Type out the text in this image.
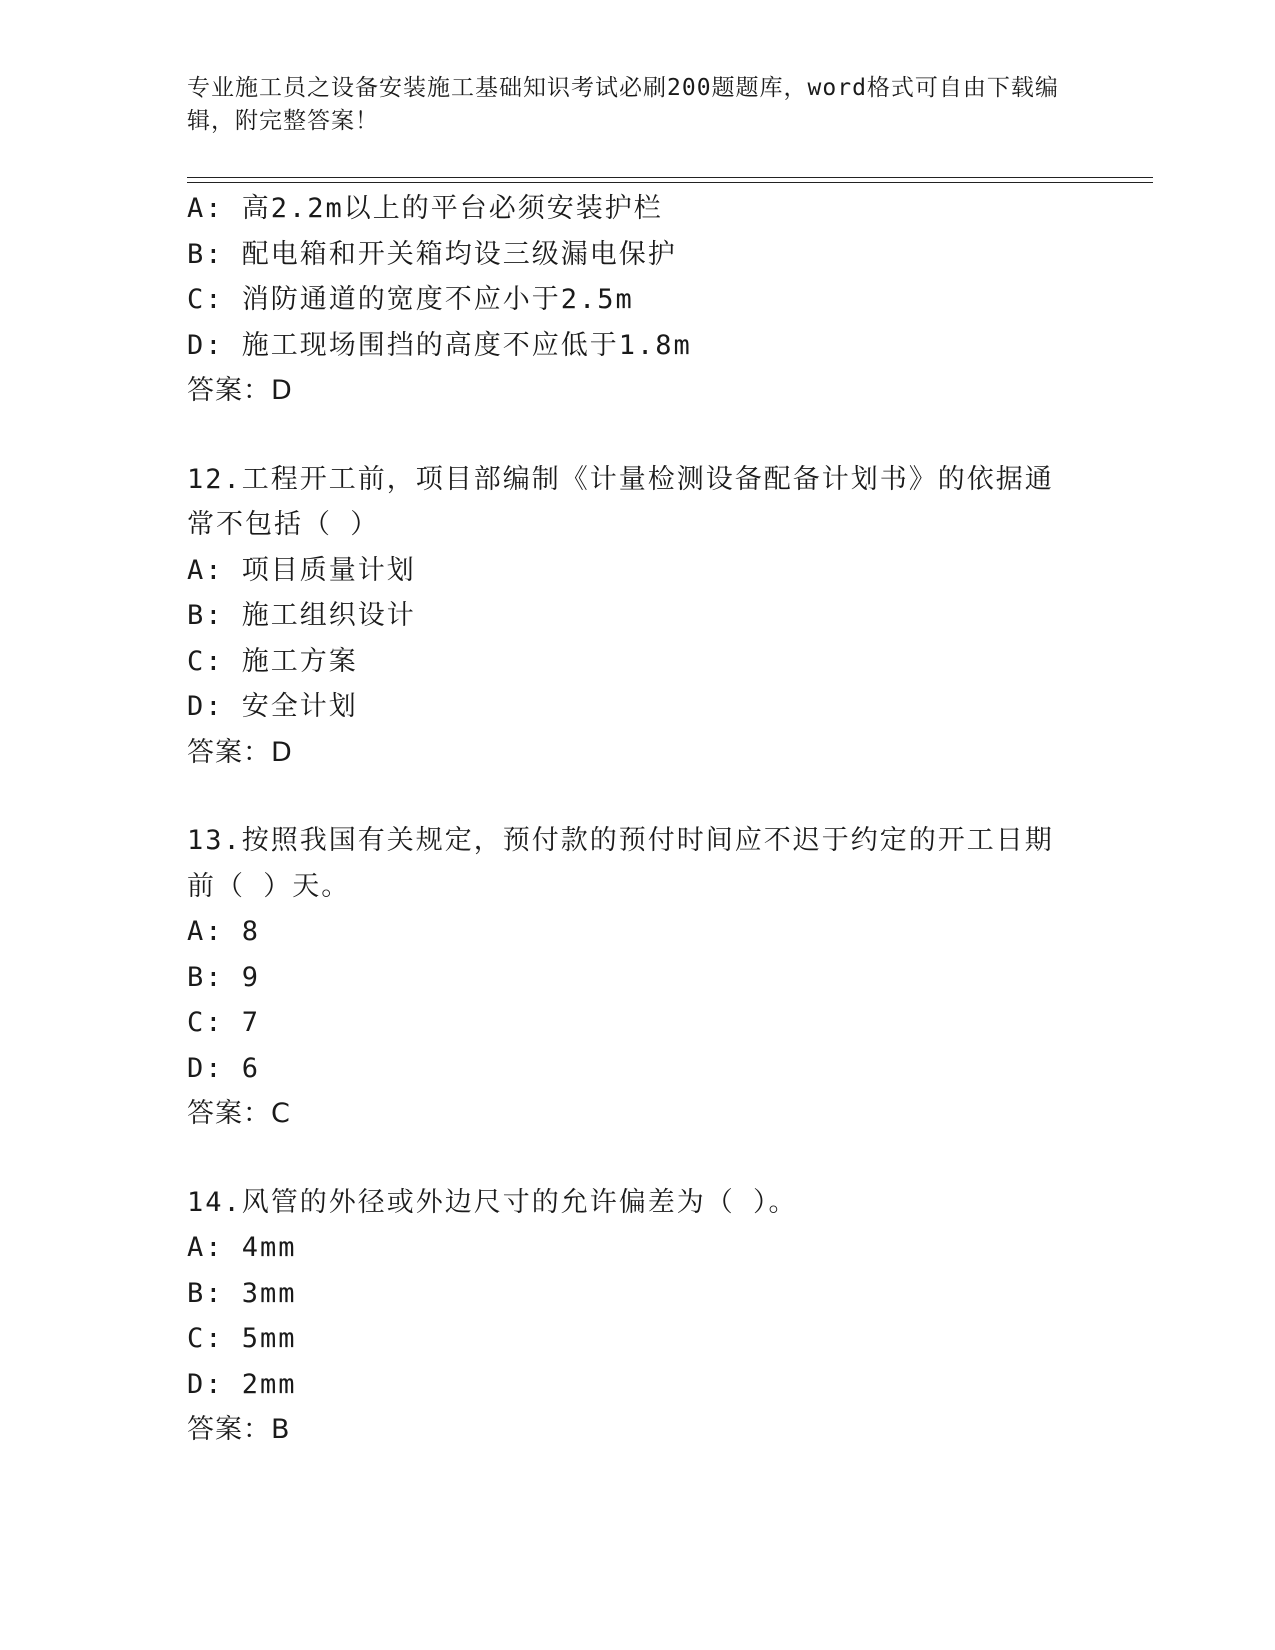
专业施工员之设备安装施工基础知识考试必刷200题题库，word格式可自由下载编辑，附完整答案！
A: 高2.2m以上的平台必须安装护栏
B: 配电箱和开关箱均设三级漏电保护
C: 消防通道的宽度不应小于2.5m
D: 施工现场围挡的高度不应低于1.8m
答案：D
12.工程开工前，项目部编制《计量检测设备配备计划书》的依据通常不包括（ ）
A: 项目质量计划
B: 施工组织设计
C: 施工方案
D: 安全计划
答案：D
13.按照我国有关规定，预付款的预付时间应不迟于约定的开工日期前（ ）天。
A: 8
B: 9
C: 7
D: 6
答案：C
14.风管的外径或外边尺寸的允许偏差为（ ）。
A: 4mm
B: 3mm
C: 5mm
D: 2mm
答案：B
